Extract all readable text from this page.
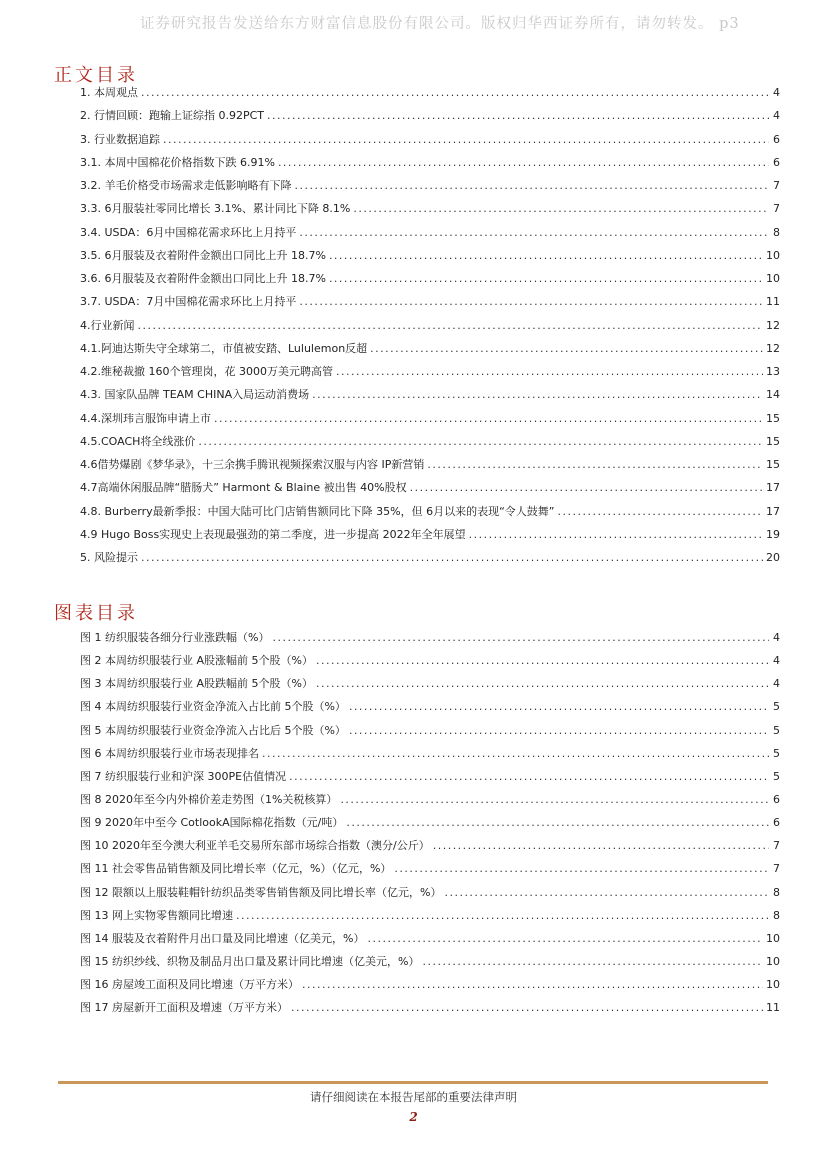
证券研究报告发送给东方财富信息股份有限公司。版权归华西证券所有，请勿转发。 p3
正文目录
1. 本周观点 .....	4
2. 行情回顾：跑输上证综指 0.92PCT .....	4
3. 行业数据追踪 .....	6
3.1. 本周中国棉花价格指数下跌 6.91% .....	6
3.2. 羊毛价格受市场需求走低影响略有下降 .....	7
3.3. 6月服装社零同比增长 3.1%、累计同比下降 8.1% .....	7
3.4. USDA：6月中国棉花需求环比上月持平 .....	8
3.5. 6月服装及衣着附件金额出口同比上升 18.7% .....	10
3.6. 6月服装及衣着附件金额出口同比上升 18.7% .....	10
3.7. USDA：7月中国棉花需求环比上月持平 .....	11
4.行业新闻 .....	12
4.1.阿迪达斯失守全球第二，市值被安踏、Lululemon反超 .....	12
4.2.维秘裁撤 160个管理岗，花 3000万美元聘高管 .....	13
4.3. 国家队品牌 TEAM CHINA入局运动消费场 .....	14
4.4.深圳玮言服饰申请上市 .....	15
4.5.COACH将全线涨价 .....	15
4.6借势爆剧《梦华录》，十三余携手腾讯视频探索汉服与内容 IP新营销 .....	15
4.7高端休闲服品牌“腊肠犬” Harmont & Blaine 被出售 40%股权 .....	17
4.8. Burberry最新季报：中国大陆可比门店销售额同比下降 35%，但 6月以来的表现“令人鼓舞” .....	17
4.9 Hugo Boss实现史上表现最强劲的第二季度，进一步提高 2022年全年展望 .....	19
5. 风险提示 .....	20
图表目录
图 1 纺织服装各细分行业涨跌幅（%） .....	4
图 2 本周纺织服装行业 A股涨幅前 5个股（%） .....	4
图 3 本周纺织服装行业 A股跌幅前 5个股（%） .....	4
图 4 本周纺织服装行业资金净流入占比前 5个股（%） .....	5
图 5 本周纺织服装行业资金净流入占比后 5个股（%） .....	5
图 6 本周纺织服装行业市场表现排名 .....	5
图 7 纺织服装行业和沪深 300PE估值情况 .....	5
图 8 2020年至今内外棉价差走势图（1%关税核算） .....	6
图 9 2020年中至今 CotlookA国际棉花指数（元/吨） .....	6
图 10 2020年至今澳大利亚羊毛交易所东部市场综合指数（澳分/公斤） .....	7
图 11 社会零售品销售额及同比增长率（亿元，%）（亿元，%） .....	7
图 12 限额以上服装鞋帽针纺织品类零售销售额及同比增长率（亿元，%） .....	8
图 13 网上实物零售额同比增速 .....	8
图 14 服装及衣着附件月出口量及同比增速（亿美元，%） .....	10
图 15 纺织纱线、织物及制品月出口量及累计同比增速（亿美元，%） .....	10
图 16 房屋竣工面积及同比增速（万平方米） .....	10
图 17 房屋新开工面积及增速（万平方米） .....	11
请仔细阅读在本报告尾部的重要法律声明
2
